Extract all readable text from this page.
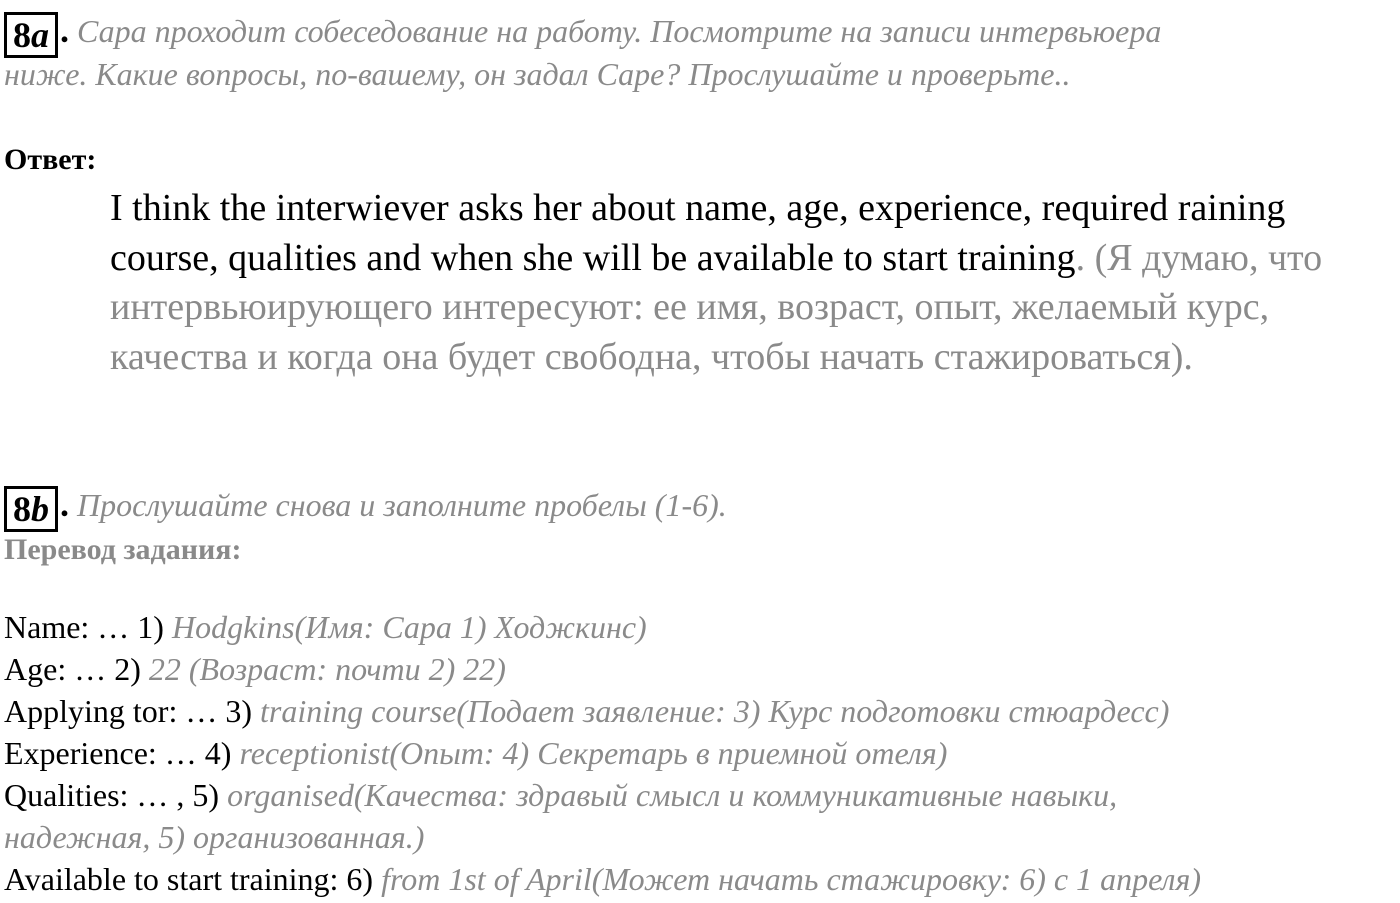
8a . Сара проходит собеседование на работу. Посмотрите на записи интервьюера
ниже. Какие вопросы, по-вашему, он задал Саре? Прослушайте и проверьте..
Ответ:
I think the interwiever asks her about name, age, experience, required raining course, qualities and when she will be available to start training. (Я думаю, что интервьюирующего интересуют: ее имя, возраст, опыт, желаемый курс, качества и когда она будет свободна, чтобы начать стажироваться).
8b . Прослушайте снова и заполните пробелы (1-6).
Перевод задания:
Name: … 1) Hodgkins(Имя: Сара 1) Ходжкинс)
Age: … 2) 22 (Возраст: почти 2) 22)
Applying tor: … 3) training course(Подает заявление: 3) Курс подготовки стюардесс)
Experience: … 4) receptionist(Опыт: 4) Секретарь в приемной отеля)
Qualities: … , 5) organised(Качества: здравый смысл и коммуникативные навыки,
надежная, 5) организованная.)
Available to start training: 6) from 1st of April(Может начать стажировку: 6) с 1 апреля)
